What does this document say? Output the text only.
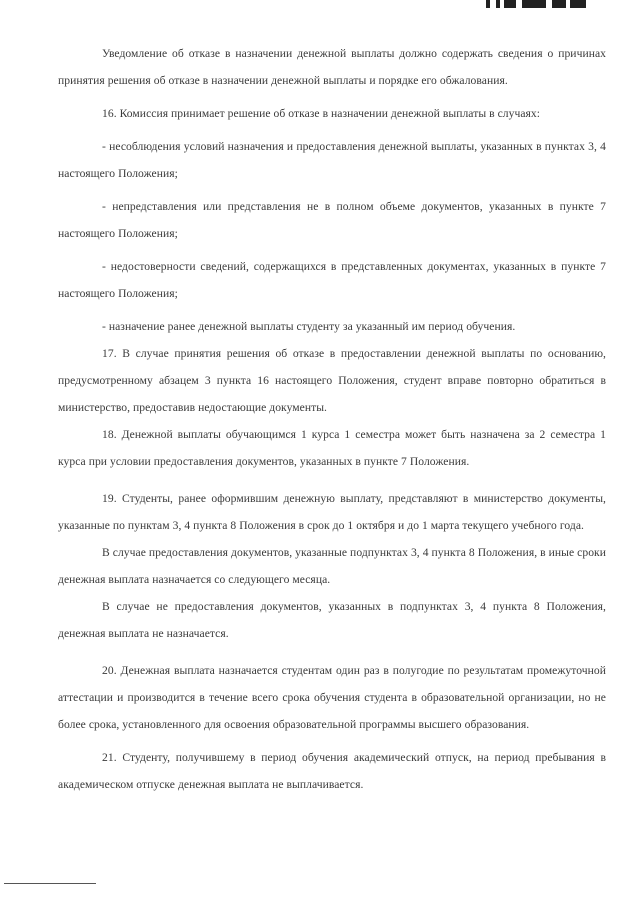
Уведомление об отказе в назначении денежной выплаты должно содержать сведения о причинах принятия решения об отказе в назначении денежной выплаты и порядке его обжалования.

16. Комиссия принимает решение об отказе в назначении денежной выплаты в случаях:

- несоблюдения условий назначения и предоставления денежной выплаты, указанных в пунктах 3, 4 настоящего Положения;

- непредставления или представления не в полном объеме документов, указанных в пункте 7 настоящего Положения;

- недостоверности сведений, содержащихся в представленных документах, указанных в пункте 7 настоящего Положения;

- назначение ранее денежной выплаты студенту за указанный им период обучения.

17. В случае принятия решения об отказе в предоставлении денежной выплаты по основанию, предусмотренному абзацем 3 пункта 16 настоящего Положения, студент вправе повторно обратиться в министерство, предоставив недостающие документы.

18. Денежной выплаты обучающимся 1 курса 1 семестра может быть назначена за 2 семестра 1 курса при условии предоставления документов, указанных в пункте 7 Положения.

19. Студенты, ранее оформившим денежную выплату, представляют в министерство документы, указанные по пунктам 3, 4 пункта 8 Положения в срок до 1 октября и до 1 марта текущего учебного года.

В случае предоставления документов, указанные подпунктах 3, 4 пункта 8 Положения, в иные сроки денежная выплата назначается со следующего месяца.

В случае не предоставления документов, указанных в подпунктах 3, 4 пункта 8 Положения, денежная выплата не назначается.

20. Денежная выплата назначается студентам один раз в полугодие по результатам промежуточной аттестации и производится в течение всего срока обучения студента в образовательной организации, но не более срока, установленного для освоения образовательной программы высшего образования.

21. Студенту, получившему в период обучения академический отпуск, на период пребывания в академическом отпуске денежная выплата не выплачивается.
